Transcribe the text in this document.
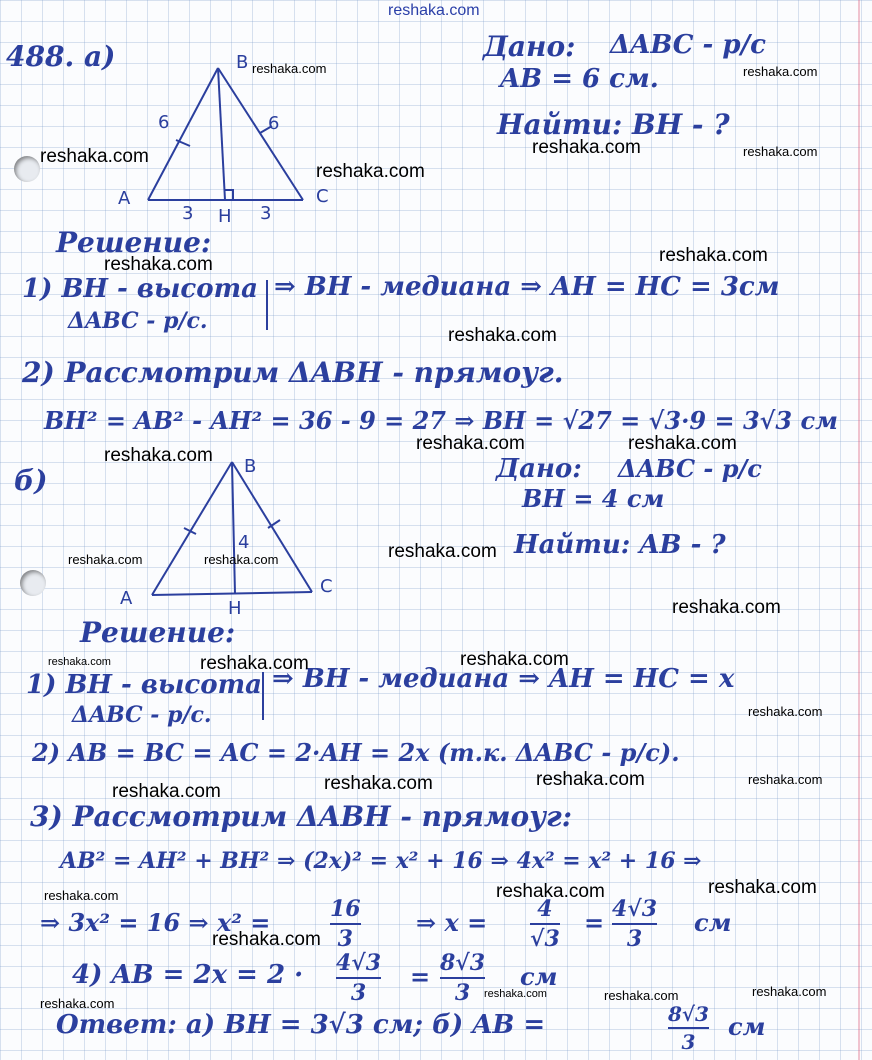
reshaka.com
488. а)	B
A	C
H
6	6
3	3
Дано: ΔABC - р/с
AB = 6 см.
Найти: BH - ?
Решение:
1) BH - высота
ΔABC - р/с.
⇒ BH - медиана ⇒ AH = HC = 3см
2) Рассмотрим ΔABH - прямоуг.
BH² = AB² - AH² = 36 - 9 = 27 ⇒ BH = √27 = √3·9 = 3√3 см
б)	B
A
C
H
4
Дано: ΔABC - р/с
BH = 4 см
Найти: AB - ?
Решение:
1) BH - высота
ΔABC - р/с.
⇒ BH - медиана ⇒ AH = HC = x
2) AB = BC = AC = 2·AH = 2x (т.к. ΔABC - р/с).
3) Рассмотрим ΔABH - прямоуг:
AB² = AH² + BH² ⇒ (2x)² = x² + 16 ⇒ 4x² = x² + 16 ⇒
⇒ 3x² = 16 ⇒ x² =	16
3
⇒ x = 4
√3
= 4√3
3
см
4) AB = 2x = 2 · 4√3
3
= 8√3
3
см
Ответ: а) BH = 3√3 см; б) AB =	8√3
3
см
reshaka.com	reshaka.com
reshaka.com	reshaka.com	reshaka.com
reshaka.com
reshaka.com
reshaka.com
reshaka.com
reshaka.com	reshaka.com
reshaka.com
reshaka.com
reshaka.com	reshaka.com
reshaka.com
reshaka.com
reshaka.com	reshaka.com
reshaka.com
reshaka.com	reshaka.com
reshaka.com
reshaka.com
reshaka.com
reshaka.com
reshaka.com
reshaka.com
reshaka.com
reshaka.com
reshaka.com
reshaka.com
